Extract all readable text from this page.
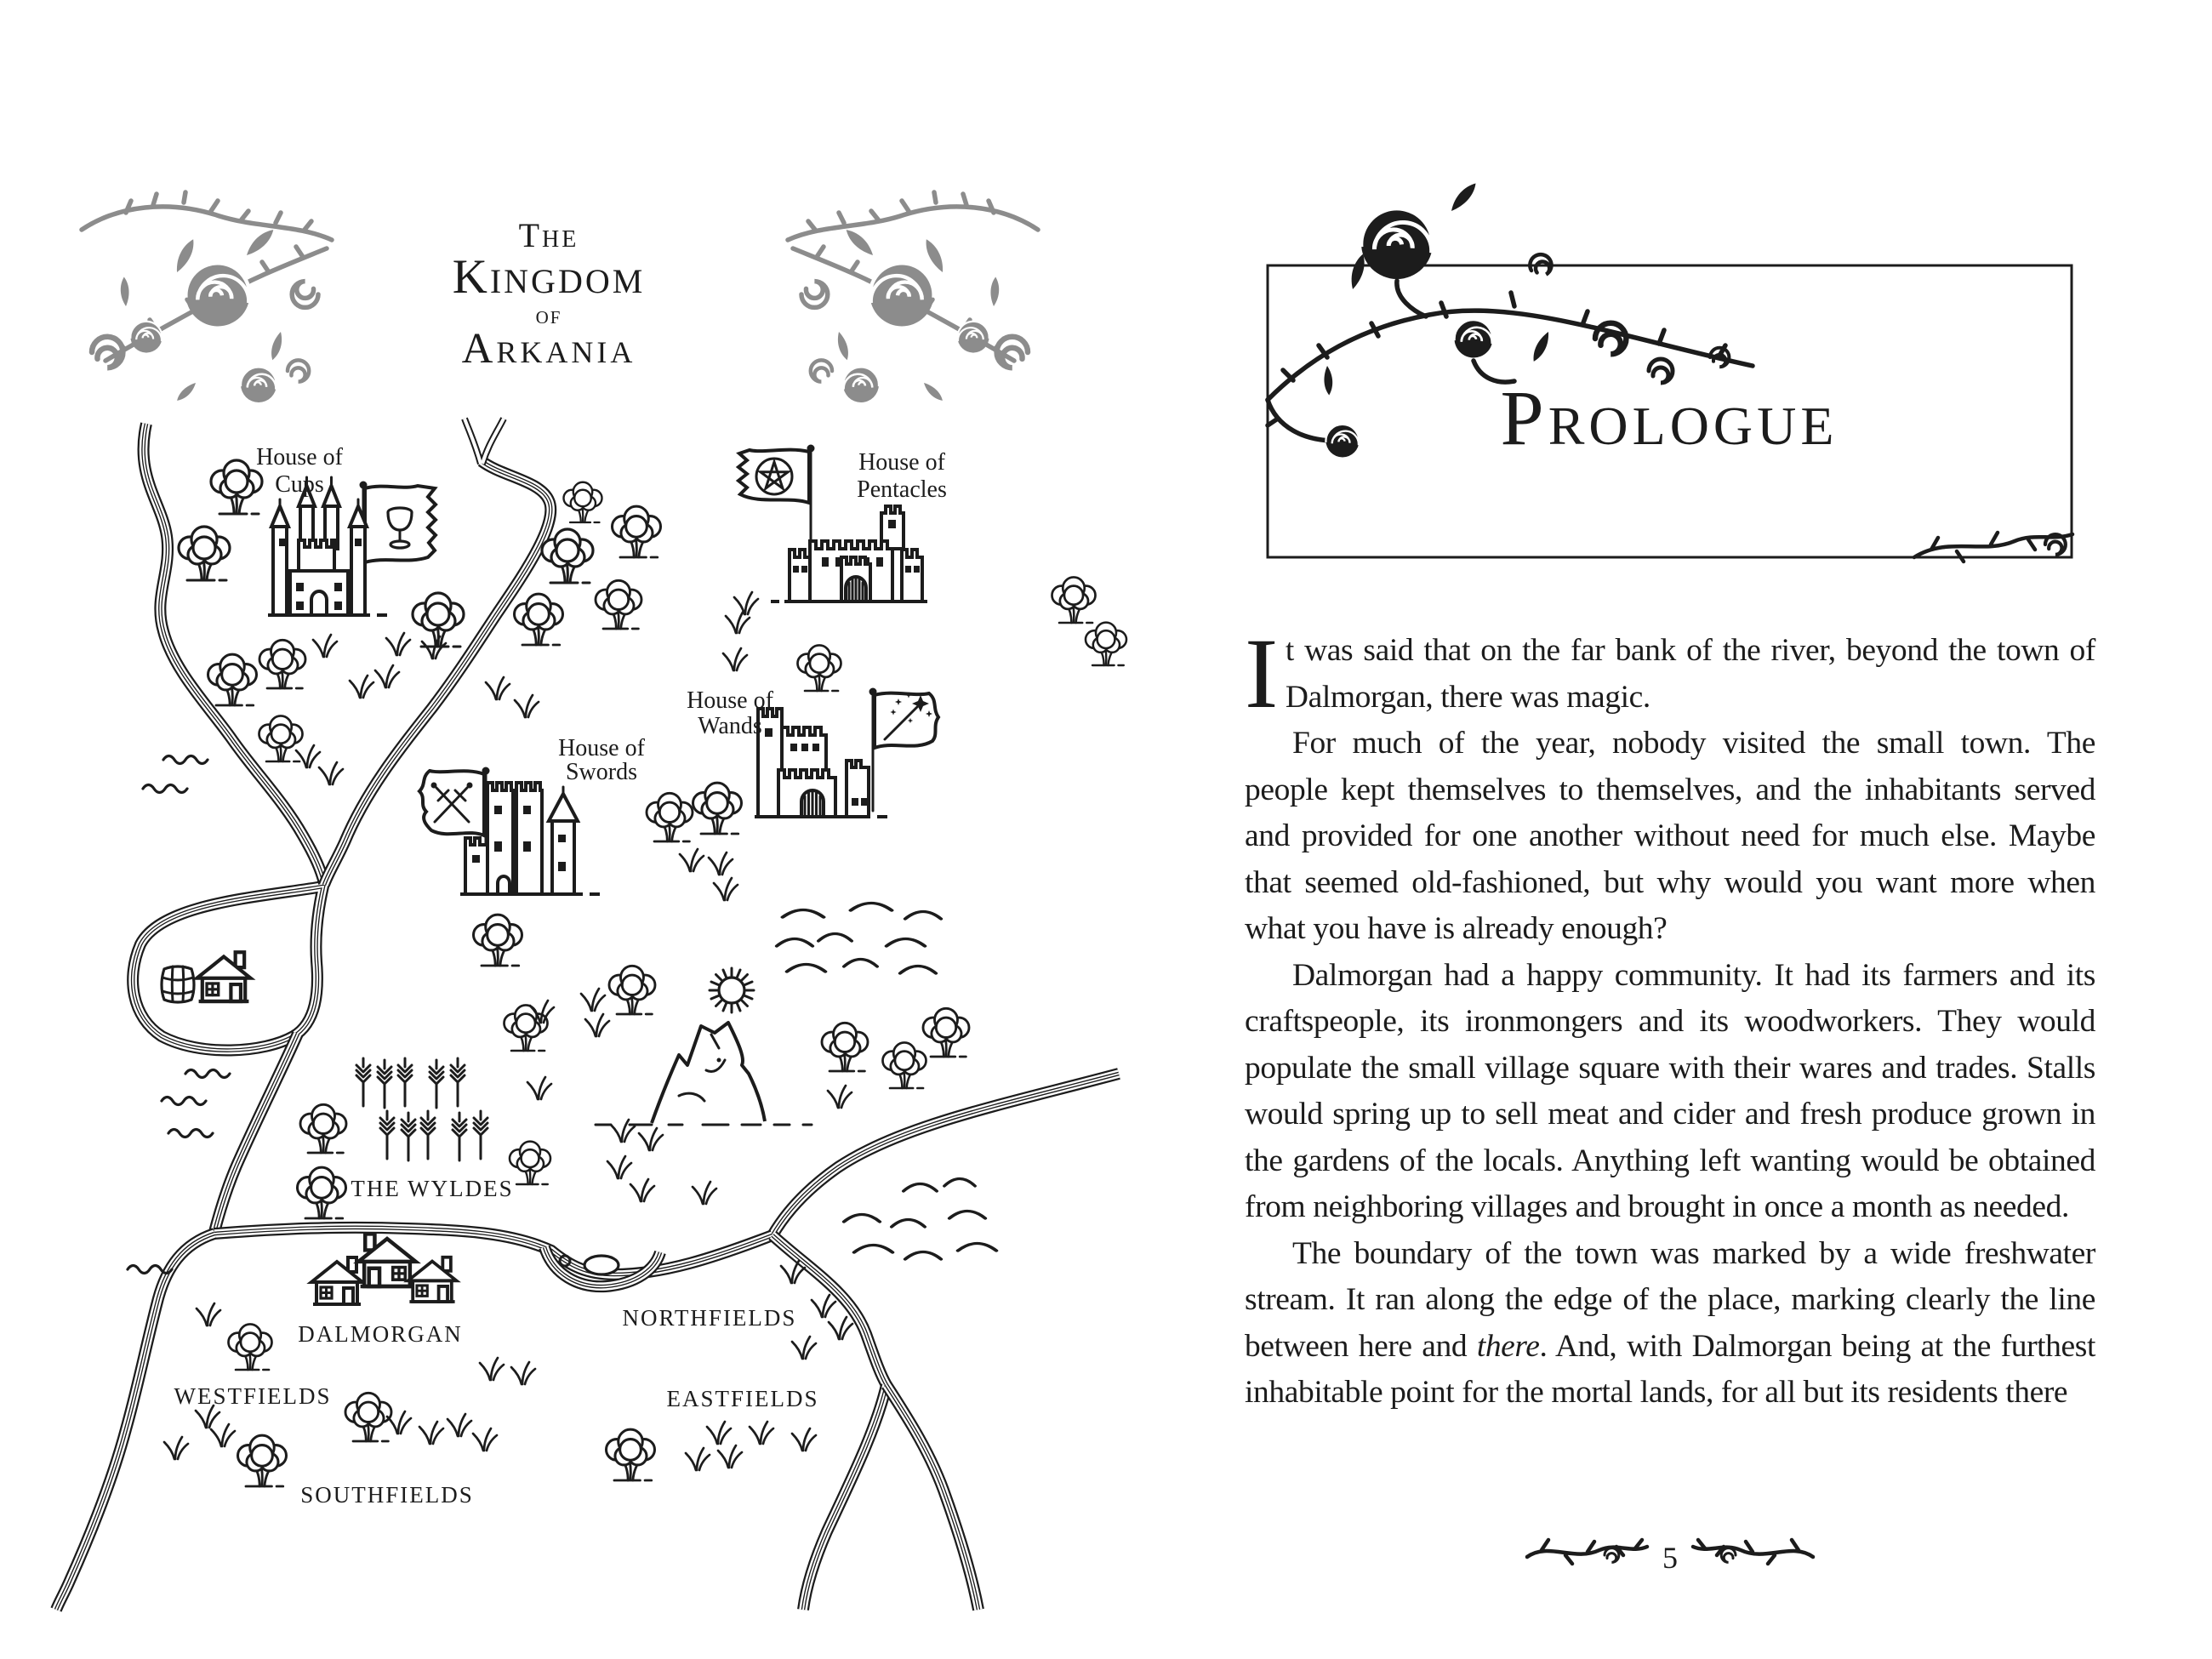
The
Kingdom
of
Arkania
House of
Cups
House of
Pentacles
House of
Swords
House of
Wands
THE WYLDES
DALMORGAN
WESTFIELDS
NORTHFIELDS
EASTFIELDS
SOUTHFIELDS
Prologue

It was said that on the far bank of the river, beyond the town of Dalmorgan, there was magic.

For much of the year, nobody visited the small town. The people kept themselves to themselves, and the inhabitants served and provided for one another without need for much else. Maybe that seemed old-fashioned, but why would you want more when what you have is already enough?

Dalmorgan had a happy community. It had its farmers and its craftspeople, its ironmongers and its woodworkers. They would populate the small village square with their wares and trades. Stalls would spring up to sell meat and cider and fresh produce grown in the gardens of the locals. Anything left wanting would be obtained from neighboring villages and brought in once a month as needed.

The boundary of the town was marked by a wide freshwater stream. It ran along the edge of the place, marking clearly the line between here and there. And, with Dalmorgan being at the furthest inhabitable point for the mortal lands, for all but its residents there

5
